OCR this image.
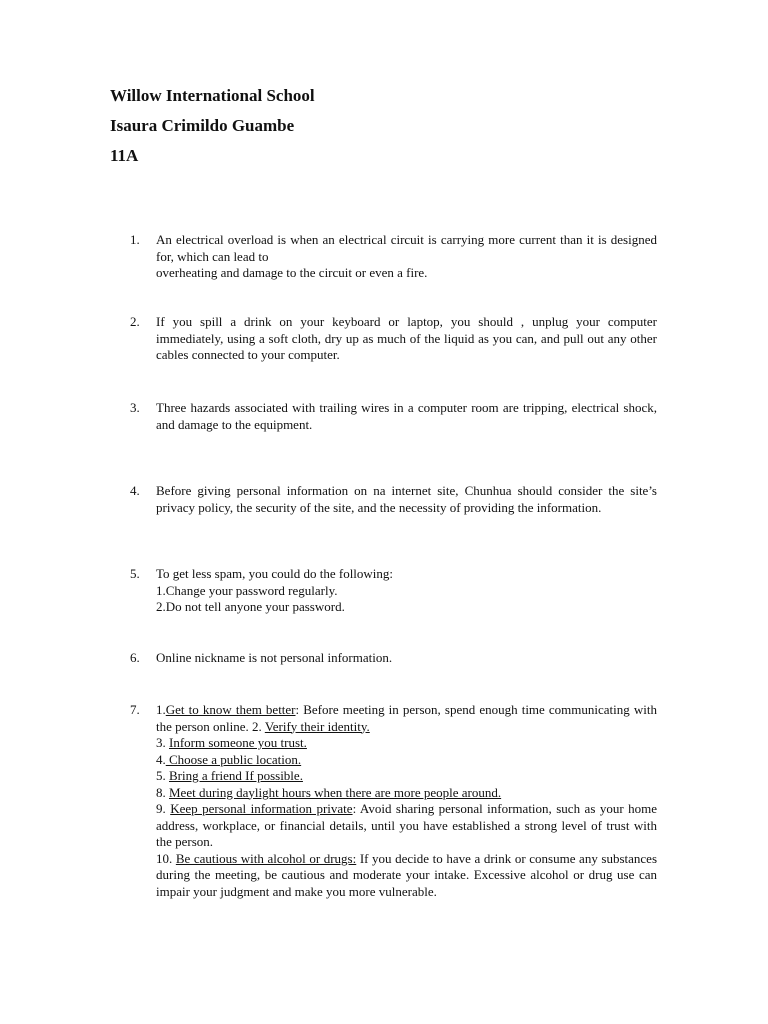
Willow International School

Isaura Crimildo Guambe

11A

1.	An electrical overload is when an electrical circuit is carrying more current than it is designed for, which can lead to
overheating and damage to the circuit or even a fire.
2.	If you spill a drink on your keyboard or laptop, you should , unplug your computer immediately, using a soft cloth, dry up as much of the liquid as you can, and pull out any other cables connected to your computer.
3.	Three hazards associated with trailing wires in a computer room are tripping, electrical shock, and damage to the equipment.
4.	Before giving personal information on na internet site, Chunhua should consider the site’s privacy policy, the security of the site, and the necessity of providing the information.
5.	To get less spam, you could do the following:
1.Change your password regularly.
2.Do not tell anyone your password.
6.	Online nickname is not personal information.
7.	1.Get to know them better: Before meeting in person, spend enough time communicating with the person online. 2. Verify their identity.

3. Inform someone you trust.

4. Choose a public location.

5. Bring a friend If possible.

8. Meet during daylight hours when there are more people around.

9. Keep personal information private: Avoid sharing personal information, such as your home address, workplace, or financial details, until you have established a strong level of trust with the person.

10. Be cautious with alcohol or drugs: If you decide to have a drink or consume any substances during the meeting, be cautious and moderate your intake. Excessive alcohol or drug use can impair your judgment and make you more vulnerable.
